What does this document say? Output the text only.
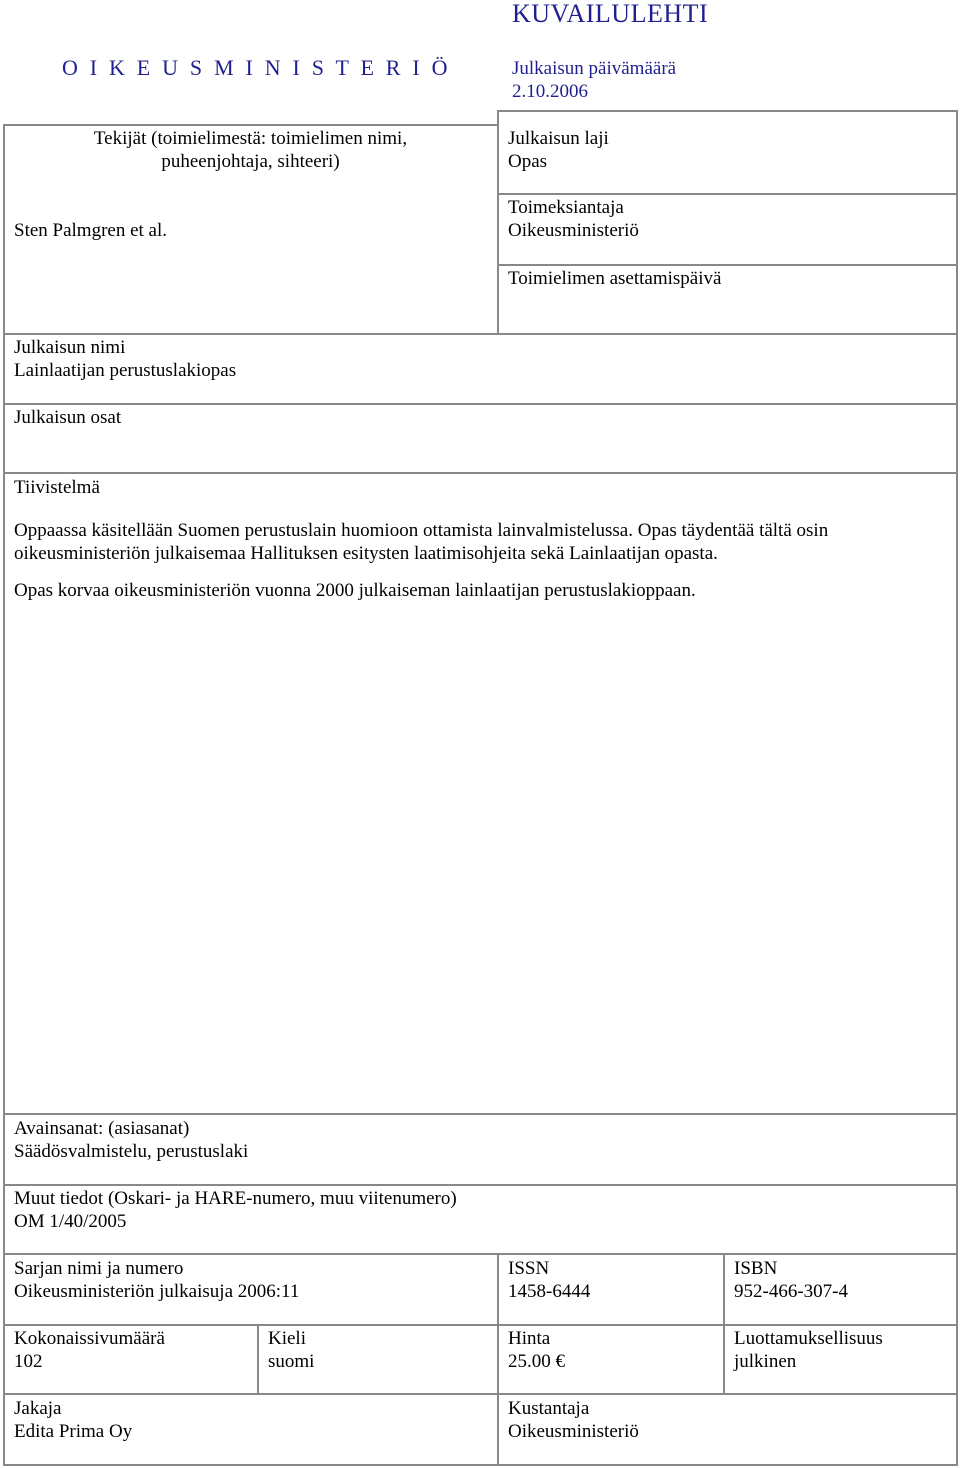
O I K E U S M I N I S T E R I Ö
KUVAILULEHTI
Julkaisun päivämäärä
2.10.2006
Tekijät (toimielimestä: toimielimen nimi,
puheenjohtaja, sihteeri)
Sten Palmgren et al.
Julkaisun laji
Opas
Toimeksiantaja
Oikeusministeriö
Toimielimen asettamispäivä
Julkaisun nimi
Lainlaatijan perustuslakiopas
Julkaisun osat
Tiivistelmä

Oppaassa käsitellään Suomen perustuslain huomioon ottamista lainvalmistelussa. Opas täydentää tältä osin

oikeusministeriön julkaisemaa Hallituksen esitysten laatimisohjeita sekä Lainlaatijan opasta.

Opas korvaa oikeusministeriön vuonna 2000 julkaiseman lainlaatijan perustuslakioppaan.

Avainsanat: (asiasanat)
Säädösvalmistelu, perustuslaki
Muut tiedot (Oskari- ja HARE-numero, muu viitenumero)
OM 1/40/2005
Sarjan nimi ja numero
Oikeusministeriön julkaisuja 2006:11
ISSN
1458-6444
ISBN
952-466-307-4
Kokonaissivumäärä
102
Kieli
suomi
Hinta
25.00 €
Luottamuksellisuus
julkinen
Jakaja
Edita Prima Oy
Kustantaja
Oikeusministeriö
